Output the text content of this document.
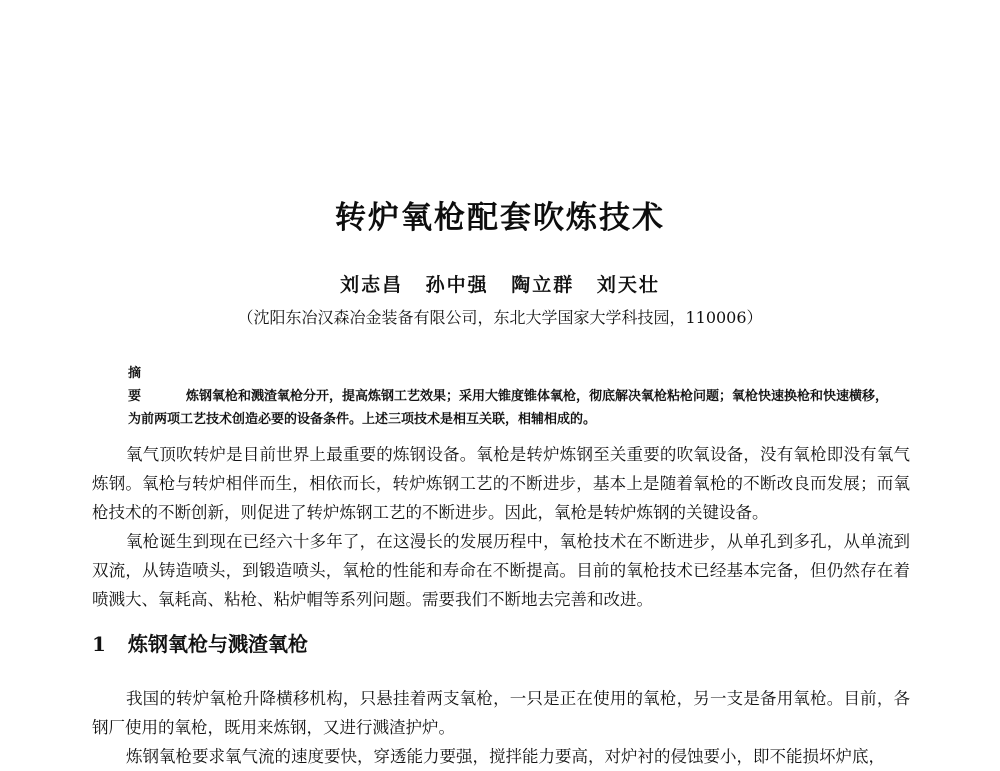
转炉氧枪配套吹炼技术
刘志昌 孙中强 陶立群 刘天壮
（沈阳东冶汉森冶金装备有限公司，东北大学国家大学科技园，110006）
摘要 炼钢氧枪和溅渣氧枪分开，提高炼钢工艺效果；采用大锥度锥体氧枪，彻底解决氧枪粘枪问题；氧枪快速换枪和快速横移，为前两项工艺技术创造必要的设备条件。上述三项技术是相互关联，相辅相成的。

氧气顶吹转炉是目前世界上最重要的炼钢设备。氧枪是转炉炼钢至关重要的吹氧设备，没有氧枪即没有氧气炼钢。氧枪与转炉相伴而生，相依而长，转炉炼钢工艺的不断进步，基本上是随着氧枪的不断改良而发展；而氧枪技术的不断创新，则促进了转炉炼钢工艺的不断进步。因此，氧枪是转炉炼钢的关键设备。

氧枪诞生到现在已经六十多年了，在这漫长的发展历程中，氧枪技术在不断进步，从单孔到多孔，从单流到双流，从铸造喷头，到锻造喷头，氧枪的性能和寿命在不断提高。目前的氧枪技术已经基本完备，但仍然存在着喷溅大、氧耗高、粘枪、粘炉帽等系列问题。需要我们不断地去完善和改进。

1 炼钢氧枪与溅渣氧枪

我国的转炉氧枪升降横移机构，只悬挂着两支氧枪，一只是正在使用的氧枪，另一支是备用氧枪。目前，各钢厂使用的氧枪，既用来炼钢，又进行溅渣护炉。

炼钢氧枪要求氧气流的速度要快，穿透能力要强，搅拌能力要高，对炉衬的侵蚀要小，即不能损坏炉底，
